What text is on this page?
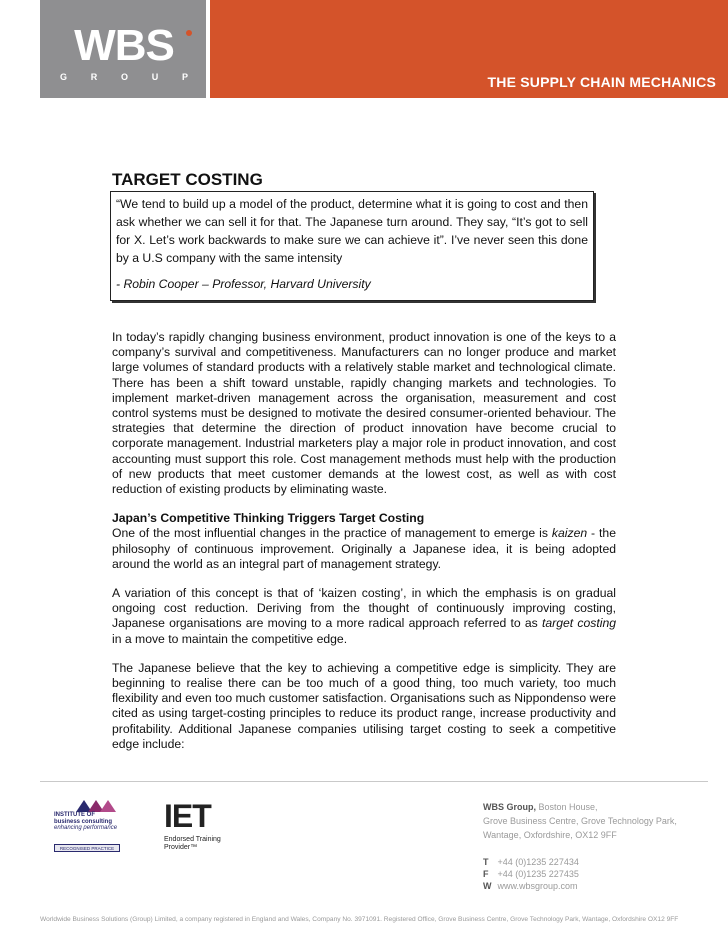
WBS
G	R	O	U	P	THE SUPPLY CHAIN MECHANICS
TARGET COSTING
“We tend to build up a model of the product, determine what it is going to cost and then ask whether we can sell it for that. The Japanese turn around. They say, “It’s got to sell for X. Let’s work backwards to make sure we can achieve it”. I’ve never seen this done by a U.S company with the same intensity
- Robin Cooper – Professor, Harvard University

In today’s rapidly changing business environment, product innovation is one of the keys to a company’s survival and competitiveness. Manufacturers can no longer produce and market large volumes of standard products with a relatively stable market and technological climate. There has been a shift toward unstable, rapidly changing markets and technologies. To implement market-driven management across the organisation, measurement and cost control systems must be designed to motivate the desired consumer-oriented behaviour. The strategies that determine the direction of product innovation have become crucial to corporate management. Industrial marketers play a major role in product innovation, and cost accounting must support this role. Cost management methods must help with the production of new products that meet customer demands at the lowest cost, as well as with cost reduction of existing products by eliminating waste.

Japan’s Competitive Thinking Triggers Target Costing
One of the most influential changes in the practice of management to emerge is kaizen - the philosophy of continuous improvement. Originally a Japanese idea, it is being adopted around the world as an integral part of management strategy.

A variation of this concept is that of ‘kaizen costing’, in which the emphasis is on gradual ongoing cost reduction. Deriving from the thought of continuously improving costing, Japanese organisations are moving to a more radical approach referred to as target costing in a move to maintain the competitive edge.

The Japanese believe that the key to achieving a competitive edge is simplicity. They are beginning to realise there can be too much of a good thing, too much variety, too much flexibility and even too much customer satisfaction. Organisations such as Nippondenso were cited as using target-costing principles to reduce its product range, increase productivity and profitability. Additional Japanese companies utilising target costing to seek a competitive edge include:

INSTITUTE OF
business consulting
enhancing performance
RECOGNISED PRACTICE
IET
Endorsed Training
Provider™
WBS Group, Boston House,
Grove Business Centre, Grove Technology Park,
Wantage, Oxfordshire, OX12 9FF
T +44 (0)1235 227434
F +44 (0)1235 227435
W www.wbsgroup.com
Worldwide Business Solutions (Group) Limited, a company registered in England and Wales, Company No. 3971091. Registered Office, Grove Business Centre, Grove Technology Park, Wantage, Oxfordshire OX12 9FF
